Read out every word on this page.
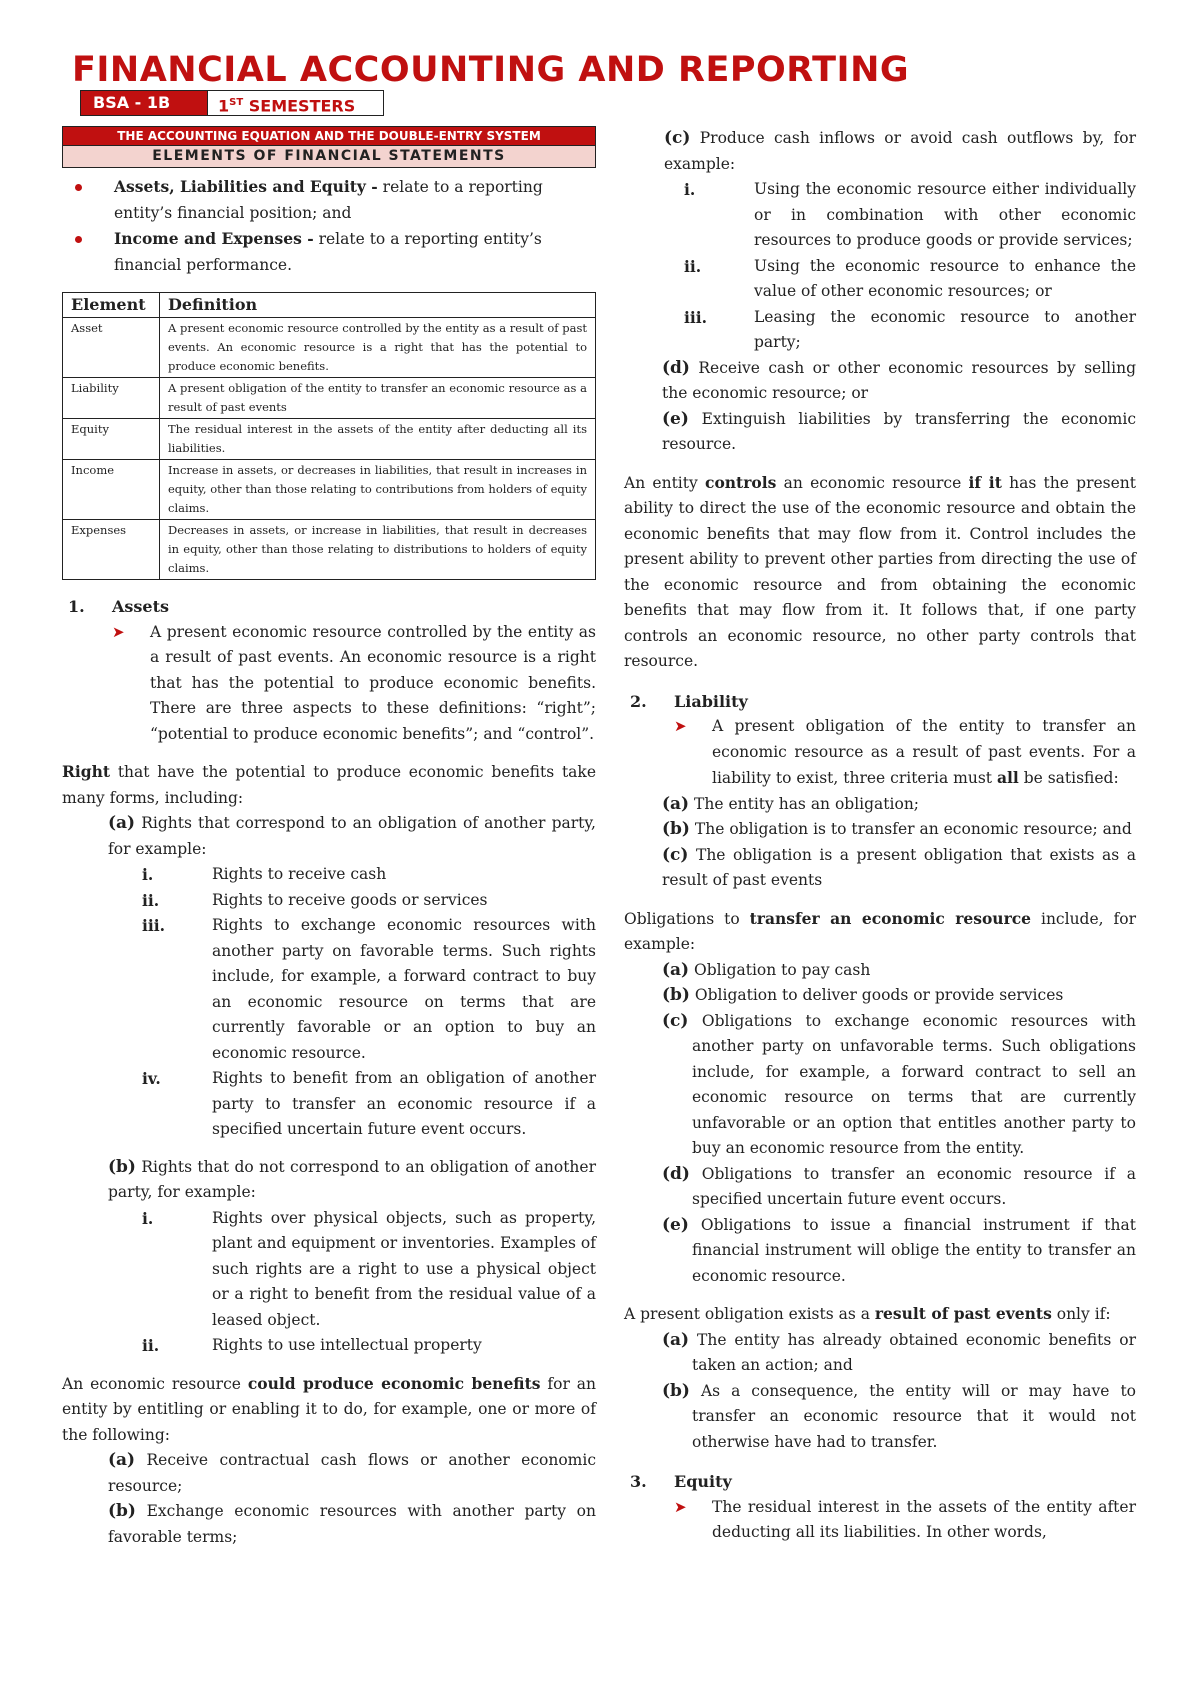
FINANCIAL ACCOUNTING AND REPORTING
BSA - 1B	1ST SEMESTERS
THE ACCOUNTING EQUATION AND THE DOUBLE-ENTRY SYSTEM
ELEMENTS OF FINANCIAL STATEMENTS
Assets, Liabilities and Equity - relate to a reporting entity’s financial position; and
Income and Expenses - relate to a reporting entity’s financial performance.
Element	Definition
Asset	A present economic resource controlled by the entity as a result of past events. An economic resource is a right that has the potential to produce economic benefits.
Liability	A present obligation of the entity to transfer an economic resource as a result of past events
Equity	The residual interest in the assets of the entity after deducting all its liabilities.
Income	Increase in assets, or decreases in liabilities, that result in increases in equity, other than those relating to contributions from holders of equity claims.
Expenses	Decreases in assets, or increase in liabilities, that result in decreases in equity, other than those relating to distributions to holders of equity claims.
1. Assets
➤ A present economic resource controlled by the entity as a result of past events. An economic resource is a right that has the potential to produce economic benefits. There are three aspects to these definitions: “right”; “potential to produce economic benefits”; and “control”.
Right that have the potential to produce economic benefits take many forms, including:
(a) Rights that correspond to an obligation of another party, for example:
i.	Rights to receive cash
ii.	Rights to receive goods or services
iii.	Rights to exchange economic resources with another party on favorable terms. Such rights include, for example, a forward contract to buy an economic resource on terms that are currently favorable or an option to buy an economic resource.
iv.	Rights to benefit from an obligation of another party to transfer an economic resource if a specified uncertain future event occurs.
(b) Rights that do not correspond to an obligation of another party, for example:
i.	Rights over physical objects, such as property, plant and equipment or inventories. Examples of such rights are a right to use a physical object or a right to benefit from the residual value of a leased object.
ii.	Rights to use intellectual property
An economic resource could produce economic benefits for an entity by entitling or enabling it to do, for example, one or more of the following:
(a) Receive contractual cash flows or another economic resource;
(b) Exchange economic resources with another party on favorable terms;
(c) Produce cash inflows or avoid cash outflows by, for example:
i.	Using the economic resource either individually or in combination with other economic resources to produce goods or provide services;
ii.	Using the economic resource to enhance the value of other economic resources; or
iii.	Leasing the economic resource to another party;
(d) Receive cash or other economic resources by selling the economic resource; or
(e) Extinguish liabilities by transferring the economic resource.
An entity controls an economic resource if it has the present ability to direct the use of the economic resource and obtain the economic benefits that may flow from it. Control includes the present ability to prevent other parties from directing the use of the economic resource and from obtaining the economic benefits that may flow from it. It follows that, if one party controls an economic resource, no other party controls that resource.
2. Liability
➤ A present obligation of the entity to transfer an economic resource as a result of past events. For a liability to exist, three criteria must all be satisfied:
(a) The entity has an obligation;
(b) The obligation is to transfer an economic resource; and
(c) The obligation is a present obligation that exists as a result of past events
Obligations to transfer an economic resource include, for example:
(a) Obligation to pay cash
(b) Obligation to deliver goods or provide services
(c) Obligations to exchange economic resources with another party on unfavorable terms. Such obligations include, for example, a forward contract to sell an economic resource on terms that are currently unfavorable or an option that entitles another party to buy an economic resource from the entity.
(d) Obligations to transfer an economic resource if a specified uncertain future event occurs.
(e) Obligations to issue a financial instrument if that financial instrument will oblige the entity to transfer an economic resource.
A present obligation exists as a result of past events only if:
(a) The entity has already obtained economic benefits or taken an action; and
(b) As a consequence, the entity will or may have to transfer an economic resource that it would not otherwise have had to transfer.
3. Equity
➤ The residual interest in the assets of the entity after deducting all its liabilities. In other words,
